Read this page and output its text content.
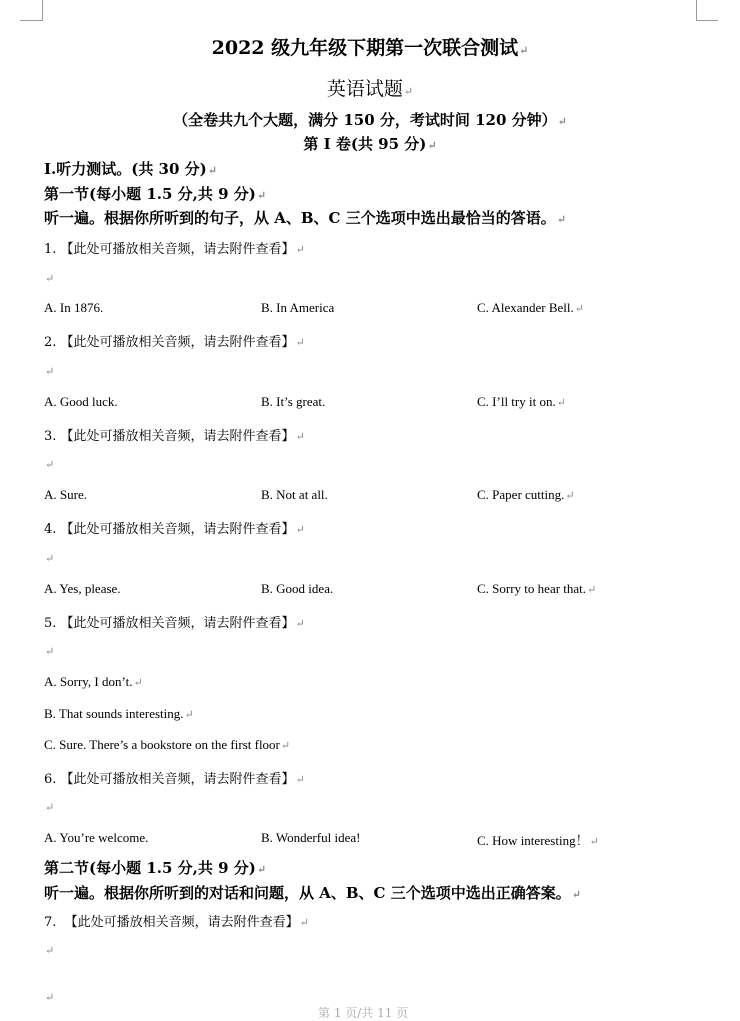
2022 级九年级下期第一次联合测试↵
英语试题↵
（全卷共九个大题，满分 150 分，考试时间 120 分钟）↵
第 I 卷(共 95 分)↵
I.听力测试。(共 30 分)↵
第一节(每小题 1.5 分,共 9 分)↵
听一遍。根据你所听到的句子，从 A、B、C 三个选项中选出最恰当的答语。↵
1. 【此处可播放相关音频，请去附件查看】↵
↵
A. In 1876.	B. In America	C. Alexander Bell.↵
2. 【此处可播放相关音频，请去附件查看】↵
↵
A. Good luck.	B. It’s great.	C. I’ll try it on.↵
3. 【此处可播放相关音频，请去附件查看】↵
↵
A. Sure.	B. Not at all.	C. Paper cutting.↵
4. 【此处可播放相关音频，请去附件查看】↵
↵
A. Yes, please.	B. Good idea.	C. Sorry to hear that.↵
5. 【此处可播放相关音频，请去附件查看】↵
↵
A. Sorry, I don’t.↵
B. That sounds interesting.↵
C. Sure. There’s a bookstore on the first floor↵
6. 【此处可播放相关音频，请去附件查看】↵
↵
A. You’re welcome.	B. Wonderful idea!	C. How interesting！↵
第二节(每小题 1.5 分,共 9 分)↵
听一遍。根据你所听到的对话和问题，从 A、B、C 三个选项中选出正确答案。↵
7. 【此处可播放相关音频，请去附件查看】↵
↵
↵
第 1 页/共 11 页
